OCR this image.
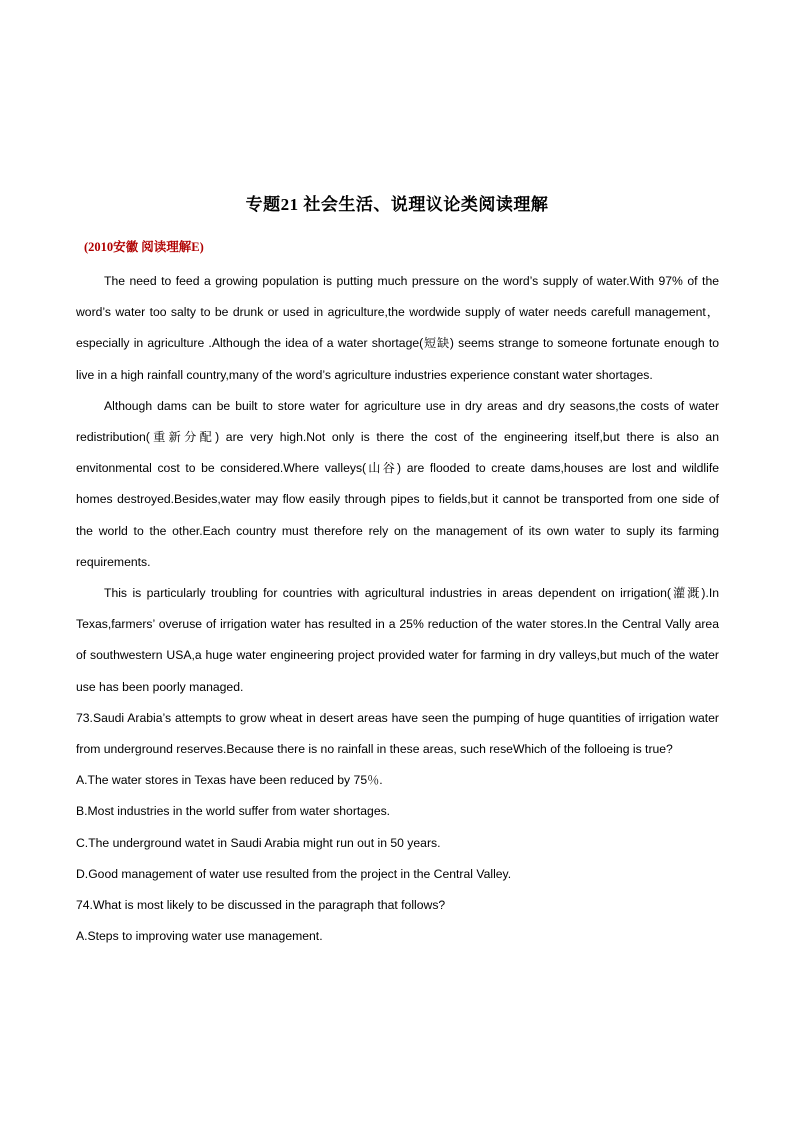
专题21 社会生活、说理议论类阅读理解
(2010安徽 阅读理解E)

The need to feed a growing population is putting much pressure on the word’s supply of water.With 97% of the word’s water too salty to be drunk or used in agriculture,the wordwide supply of water needs carefull management， especially in agriculture .Although the idea of a water shortage(短缺) seems strange to someone fortunate enough to live in a high rainfall country,many of the word’s agriculture industries experience constant water shortages.

Although dams can be built to store water for agriculture use in dry areas and dry seasons,the costs of water redistribution(重新分配) are very high.Not only is there the cost of the engineering itself,but there is also an envitonmental cost to be considered.Where valleys(山谷) are flooded to create dams,houses are lost and wildlife homes destroyed.Besides,water may flow easily through pipes to fields,but it cannot be transported from one side of the world to the other.Each country must therefore rely on the management of its own water to suply its farming requirements.

This is particularly troubling for countries with agricultural industries in areas dependent on irrigation(灌溉).In Texas,farmers’ overuse of irrigation water has resulted in a 25% reduction of the water stores.In the Central Vally area of southwestern USA,a huge water engineering project provided water for farming in dry valleys,but much of the water use has been poorly managed.

73.Saudi Arabia’s attempts to grow wheat in desert areas have seen the pumping of huge quantities of irrigation water from underground reserves.Because there is no rainfall in these areas, such reseWhich of the folloeing is true?

A.The water stores in Texas have been reduced by 75％.

B.Most industries in the world suffer from water shortages.

C.The underground watet in Saudi Arabia might run out in 50 years.

D.Good management of water use resulted from the project in the Central Valley.

74.What is most likely to be discussed in the paragraph that follows?

A.Steps to improving water use management.
